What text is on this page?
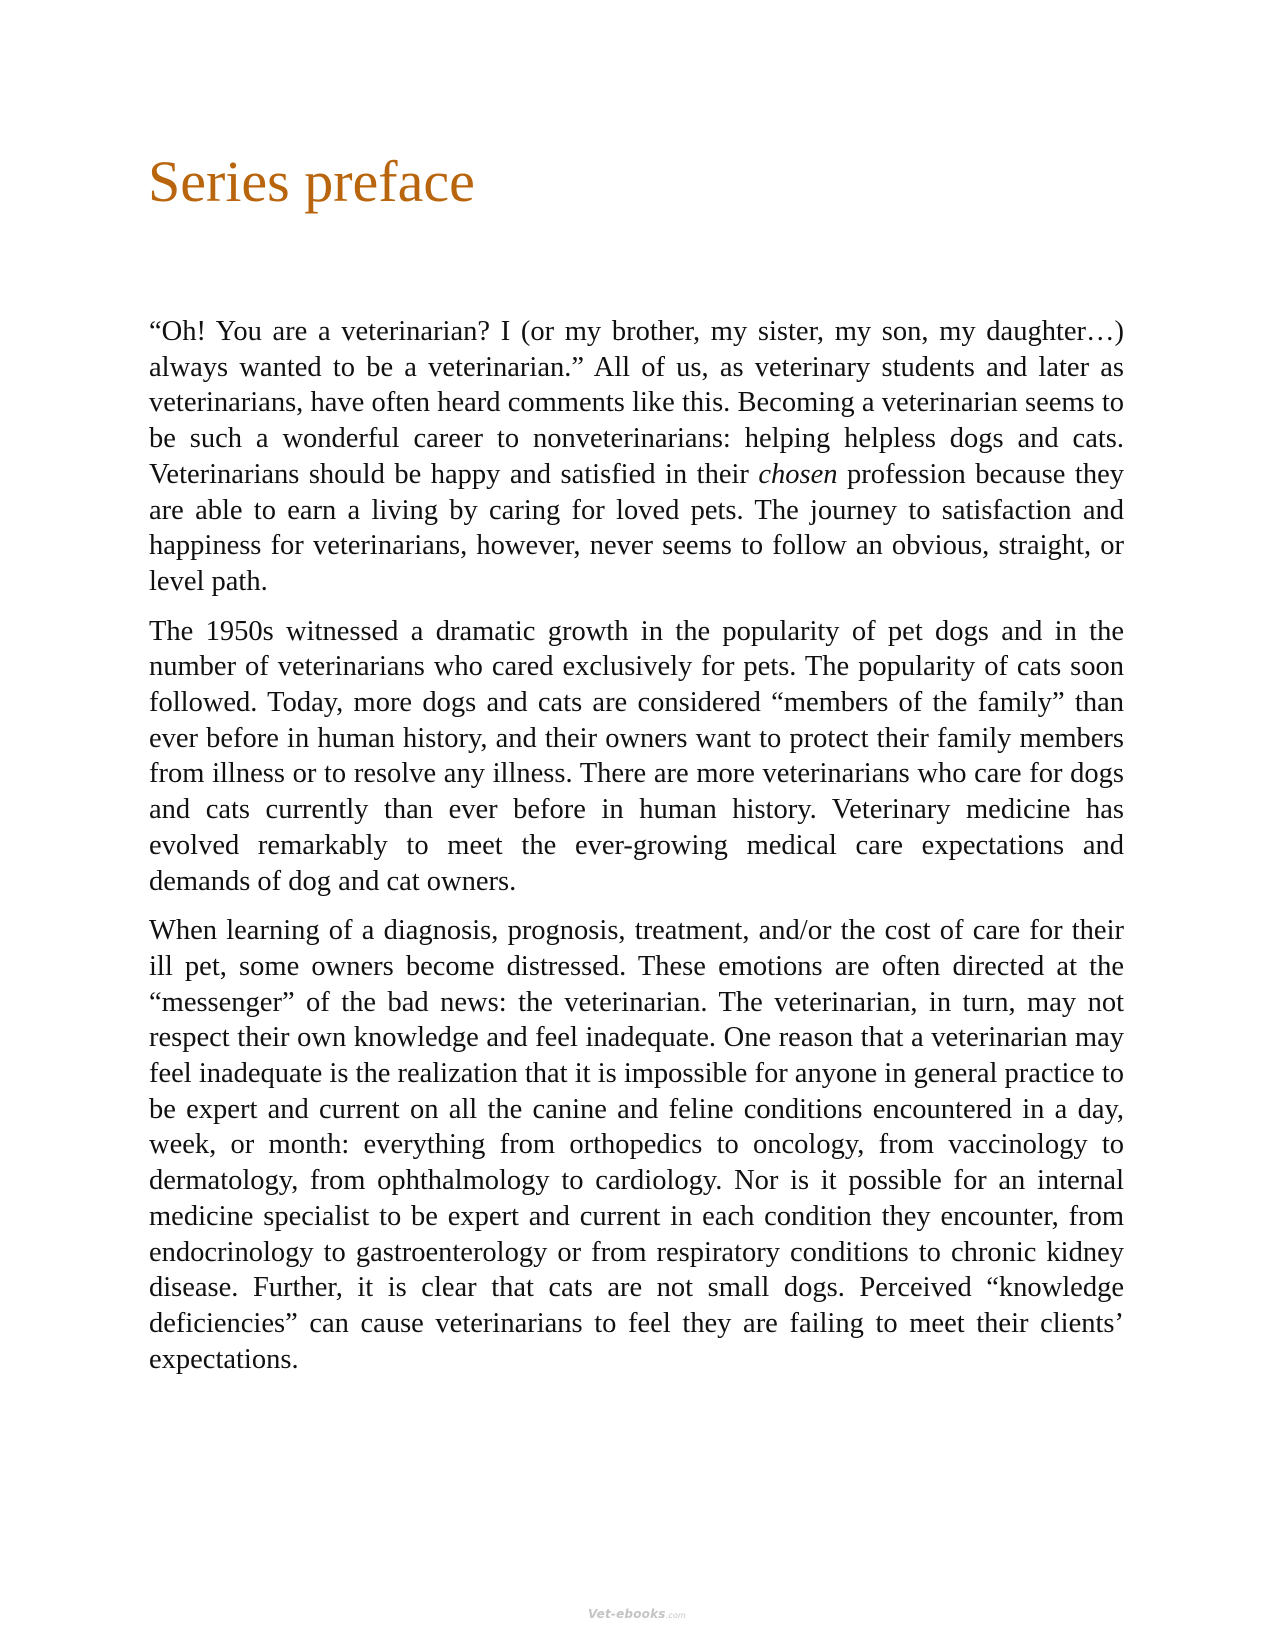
Series preface

“Oh! You are a veterinarian? I (or my brother, my sister, my son, my daughter…) always wanted to be a veterinarian.” All of us, as veterinary students and later as veterinarians, have often heard comments like this. Becoming a veterinarian seems to be such a wonderful career to nonveterinarians: helping helpless dogs and cats. Veterinarians should be happy and satisfied in their chosen profession because they are able to earn a living by caring for loved pets. The journey to satisfaction and happiness for veterinarians, however, never seems to follow an obvious, straight, or level path.

The 1950s witnessed a dramatic growth in the popularity of pet dogs and in the number of veterinarians who cared exclusively for pets. The popularity of cats soon followed. Today, more dogs and cats are considered “members of the family” than ever before in human history, and their owners want to protect their family members from illness or to resolve any illness. There are more veterinarians who care for dogs and cats currently than ever before in human history. Veterinary medicine has evolved remarkably to meet the ever-growing medical care expectations and demands of dog and cat owners.

When learning of a diagnosis, prognosis, treatment, and/or the cost of care for their ill pet, some owners become distressed. These emotions are often directed at the “messenger” of the bad news: the veterinarian. The veterinarian, in turn, may not respect their own knowledge and feel inadequate. One reason that a veterinarian may feel inadequate is the realization that it is impossible for anyone in general practice to be expert and current on all the canine and feline conditions encountered in a day, week, or month: everything from orthopedics to oncology, from vaccinology to dermatology, from ophthalmology to cardiology. Nor is it possible for an internal medicine specialist to be expert and current in each condition they encounter, from endocrinology to gastroenterology or from respiratory conditions to chronic kidney disease. Further, it is clear that cats are not small dogs. Perceived “knowledge deficiencies” can cause veterinarians to feel they are failing to meet their clients’ expectations.

Vet-ebooks.com
